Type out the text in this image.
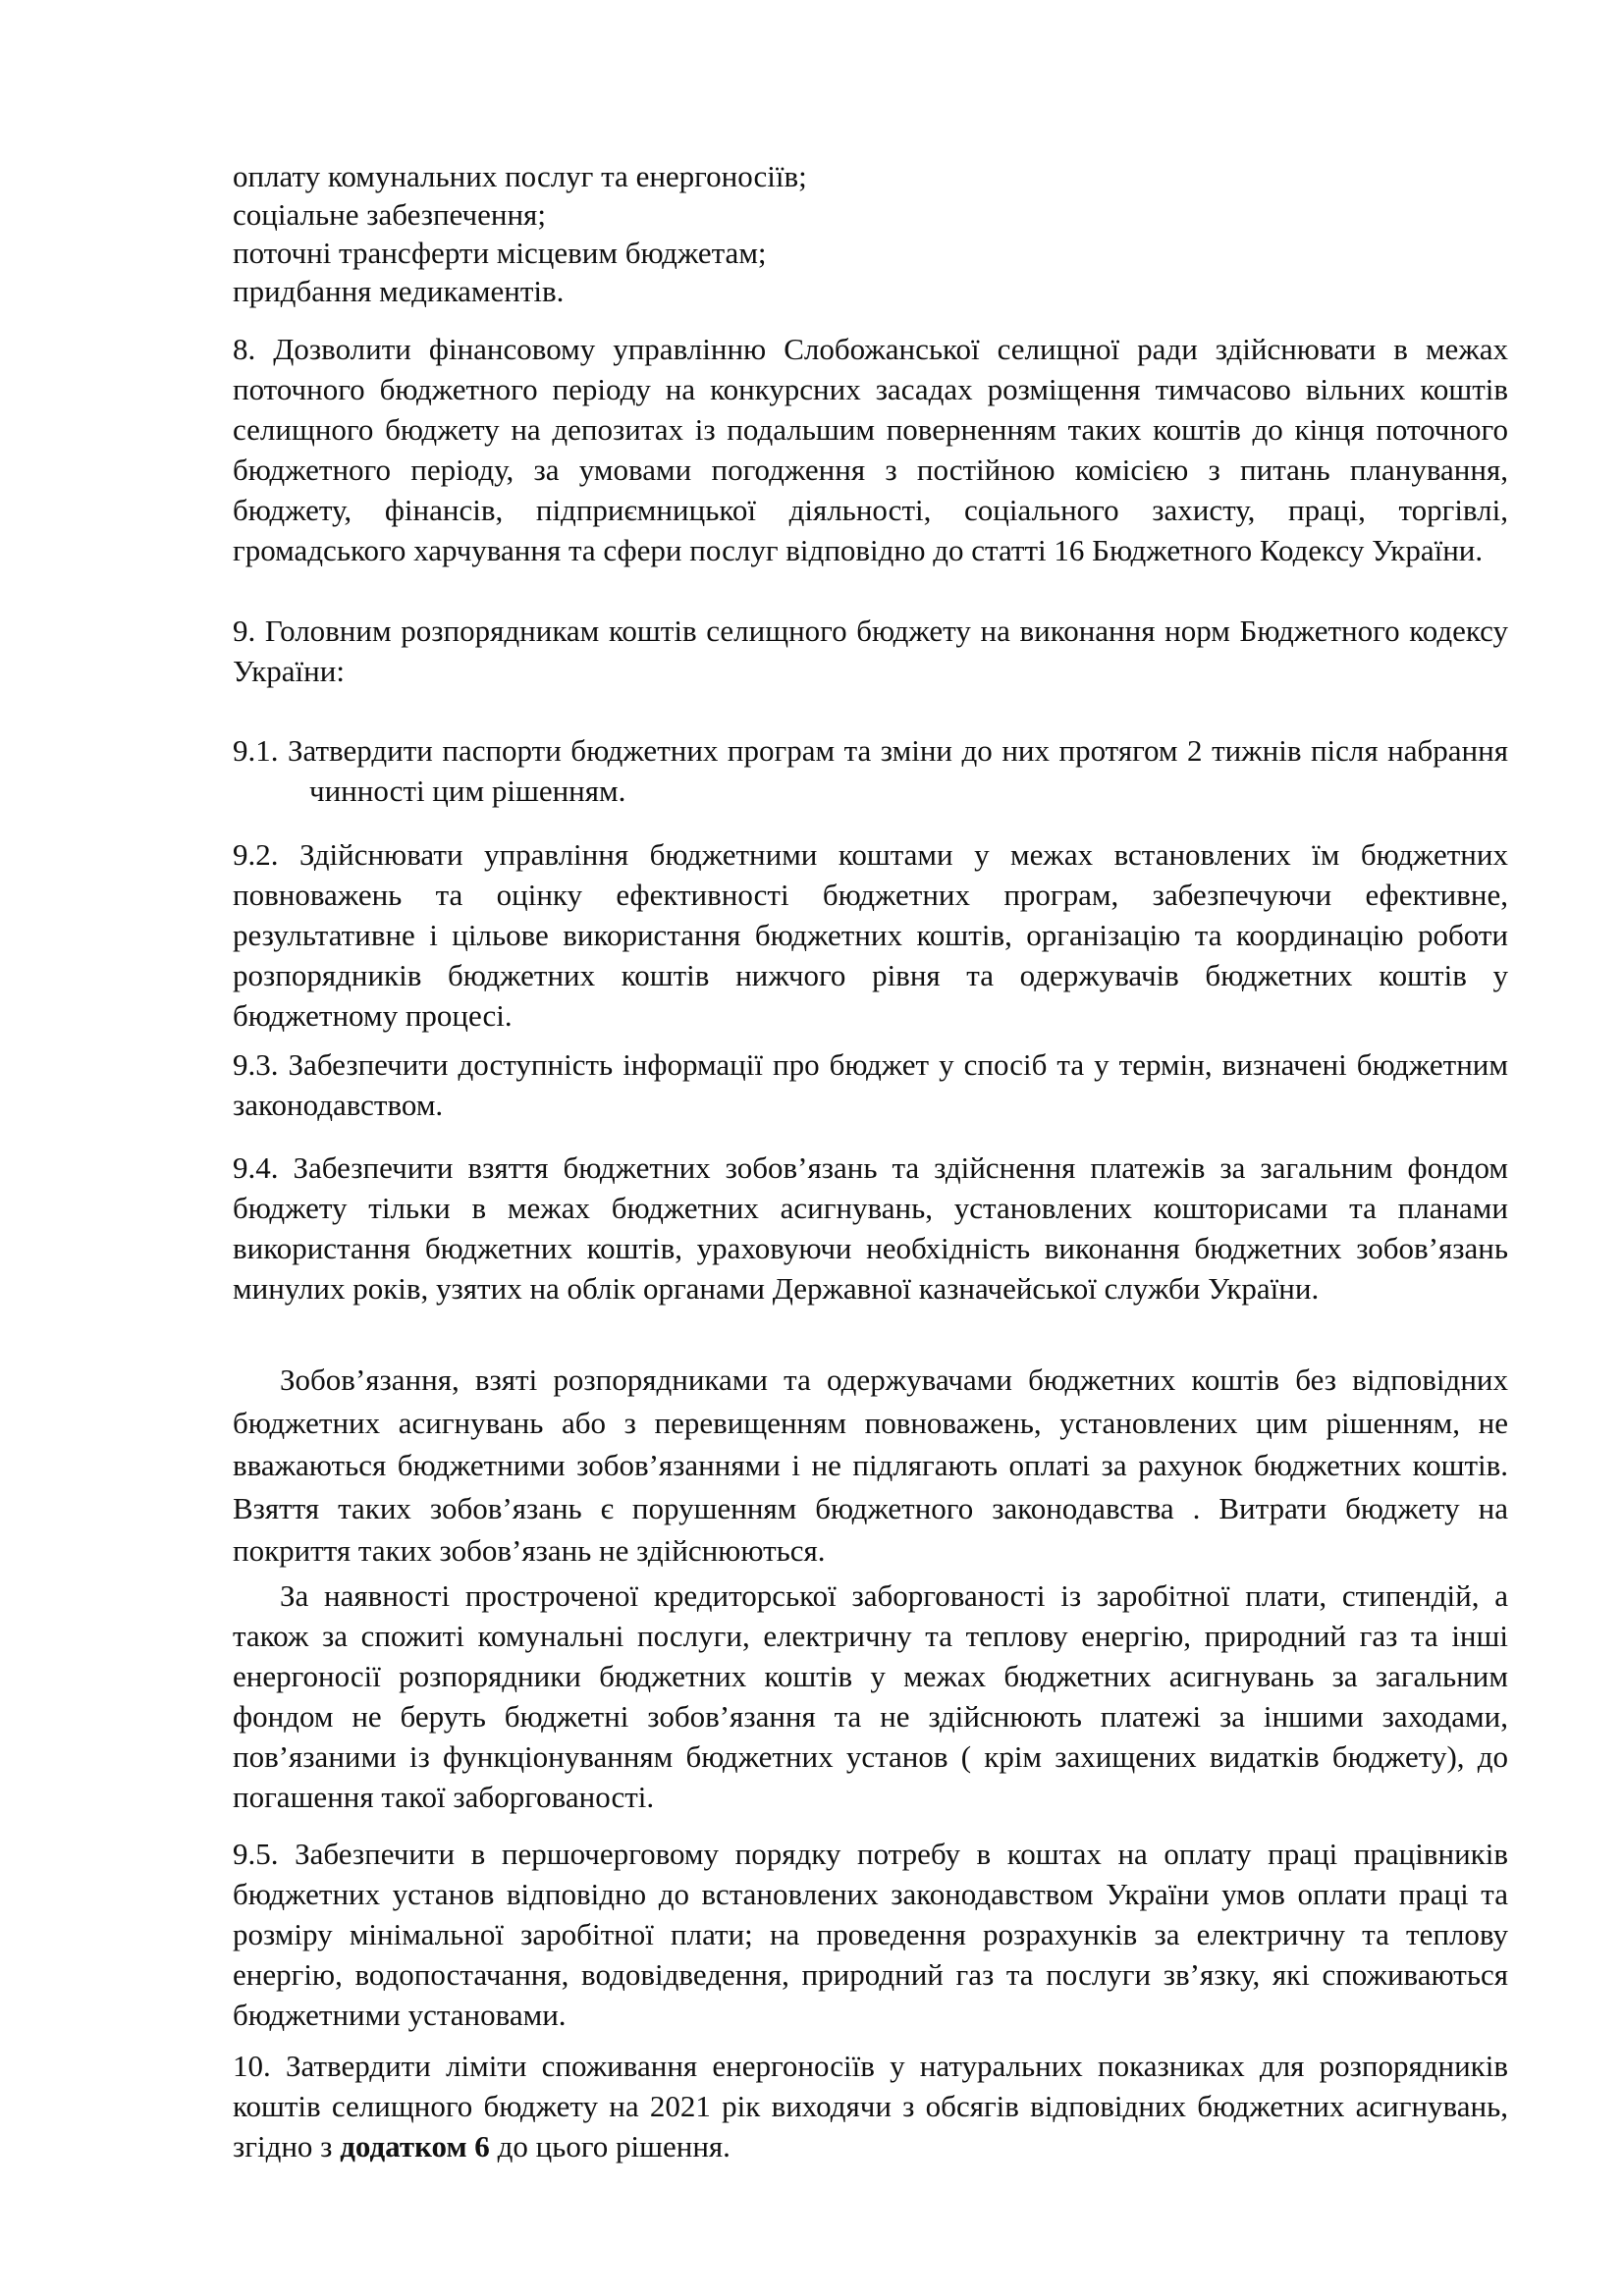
оплату комунальних послуг та енергоносіїв;
соціальне забезпечення;
поточні трансферти місцевим бюджетам;
придбання медикаментів.

8. Дозволити фінансовому управлінню Слобожанської селищної ради здійснювати в межах поточного бюджетного періоду на конкурсних засадах розміщення тимчасово вільних коштів селищного бюджету на депозитах із подальшим поверненням таких коштів до кінця поточного бюджетного періоду, за умовами погодження з постійною комісією з питань планування, бюджету, фінансів, підприємницької діяльності, соціального захисту, праці, торгівлі, громадського харчування та сфери послуг відповідно до статті 16 Бюджетного Кодексу України.

9. Головним розпорядникам коштів селищного бюджету на виконання норм Бюджетного кодексу України:

9.1. Затвердити паспорти бюджетних програм та зміни до них протягом 2 тижнів після набрання чинності цим рішенням.

9.2. Здійснювати управління бюджетними коштами у межах встановлених їм бюджетних повноважень та оцінку ефективності бюджетних програм, забезпечуючи ефективне, результативне і цільове використання бюджетних коштів, організацію та координацію роботи розпорядників бюджетних коштів нижчого рівня та одержувачів бюджетних коштів у бюджетному процесі.

9.3. Забезпечити доступність інформації про бюджет у спосіб та у термін, визначені бюджетним законодавством.

9.4. Забезпечити взяття бюджетних зобов’язань та здійснення платежів за загальним фондом бюджету тільки в межах бюджетних асигнувань, установлених кошторисами та планами використання бюджетних коштів, ураховуючи необхідність виконання бюджетних зобов’язань минулих років, узятих на облік органами Державної казначейської служби України.

Зобов’язання, взяті розпорядниками та одержувачами бюджетних коштів без відповідних бюджетних асигнувань або з перевищенням повноважень, установлених цим рішенням, не вважаються бюджетними зобов’язаннями і не підлягають оплаті за рахунок бюджетних коштів. Взяття таких зобов’язань є порушенням бюджетного законодавства . Витрати бюджету на покриття таких зобов’язань не здійснюються.

За наявності простроченої кредиторської заборгованості із заробітної плати, стипендій, а також за спожиті комунальні послуги, електричну та теплову енергію, природний газ та інші енергоносії розпорядники бюджетних коштів у межах бюджетних асигнувань за загальним фондом не беруть бюджетні зобов’язання та не здійснюють платежі за іншими заходами, пов’язаними із функціонуванням бюджетних установ ( крім захищених видатків бюджету), до погашення такої заборгованості.

9.5. Забезпечити в першочерговому порядку потребу в коштах на оплату праці працівників бюджетних установ відповідно до встановлених законодавством України умов оплати праці та розміру мінімальної заробітної плати; на проведення розрахунків за електричну та теплову енергію, водопостачання, водовідведення, природний газ та послуги зв’язку, які споживаються бюджетними установами.

10. Затвердити ліміти споживання енергоносіїв у натуральних показниках для розпорядників коштів селищного бюджету на 2021 рік виходячи з обсягів відповідних бюджетних асигнувань, згідно з додатком 6 до цього рішення.
